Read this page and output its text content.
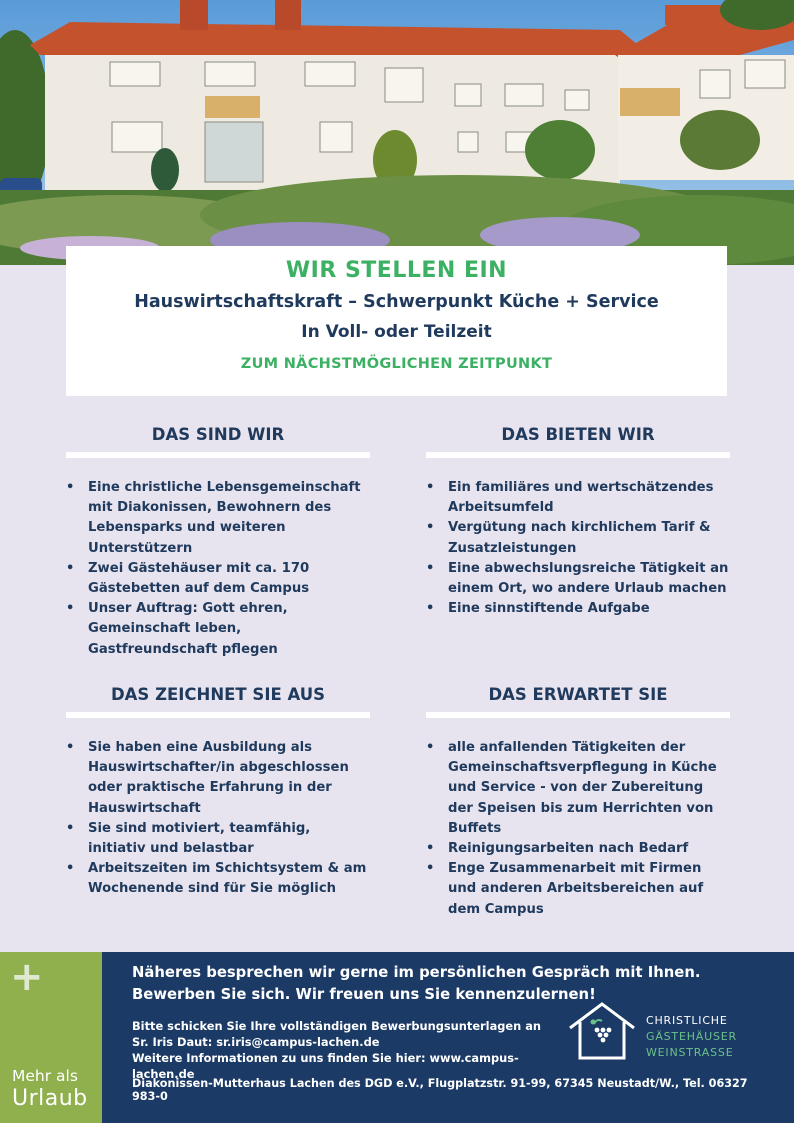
WIR STELLEN EIN
Hauswirtschaftskraft – Schwerpunkt Küche + Service
In Voll- oder Teilzeit
ZUM NÄCHSTMÖGLICHEN ZEITPUNKT
DAS SIND WIR
• Eine christliche Lebensgemeinschaft mit Diakonissen, Bewohnern des Lebensparks und weiteren Unterstützern
• Zwei Gästehäuser mit ca. 170 Gästebetten auf dem Campus
• Unser Auftrag: Gott ehren, Gemeinschaft leben, Gastfreundschaft pflegen
DAS BIETEN WIR
• Ein familiäres und wertschätzendes Arbeitsumfeld
• Vergütung nach kirchlichem Tarif & Zusatzleistungen
• Eine abwechslungsreiche Tätigkeit an einem Ort, wo andere Urlaub machen
• Eine sinnstiftende Aufgabe
DAS ZEICHNET SIE AUS
• Sie haben eine Ausbildung als Hauswirtschafter/in abgeschlossen oder praktische Erfahrung in der Hauswirtschaft
• Sie sind motiviert, teamfähig, initiativ und belastbar
• Arbeitszeiten im Schichtsystem & am Wochenende sind für Sie möglich
DAS ERWARTET SIE
• alle anfallenden Tätigkeiten der Gemeinschaftsverpflegung in Küche und Service - von der Zubereitung der Speisen bis zum Herrichten von Buffets
• Reinigungsarbeiten nach Bedarf
• Enge Zusammenarbeit mit Firmen und anderen Arbeitsbereichen auf dem Campus
+
Mehr als
Urlaub
Näheres besprechen wir gerne im persönlichen Gespräch mit Ihnen.
Bewerben Sie sich. Wir freuen uns Sie kennenzulernen!
Bitte schicken Sie Ihre vollständigen Bewerbungsunterlagen an
Sr. Iris Daut: sr.iris@campus-lachen.de
Weitere Informationen zu uns finden Sie hier: www.campus-lachen.de
CHRISTLICHE
GÄSTEHÄUSER
WEINSTRASSE
Diakonissen-Mutterhaus Lachen des DGD e.V., Flugplatzstr. 91-99, 67345 Neustadt/W., Tel. 06327 983-0
